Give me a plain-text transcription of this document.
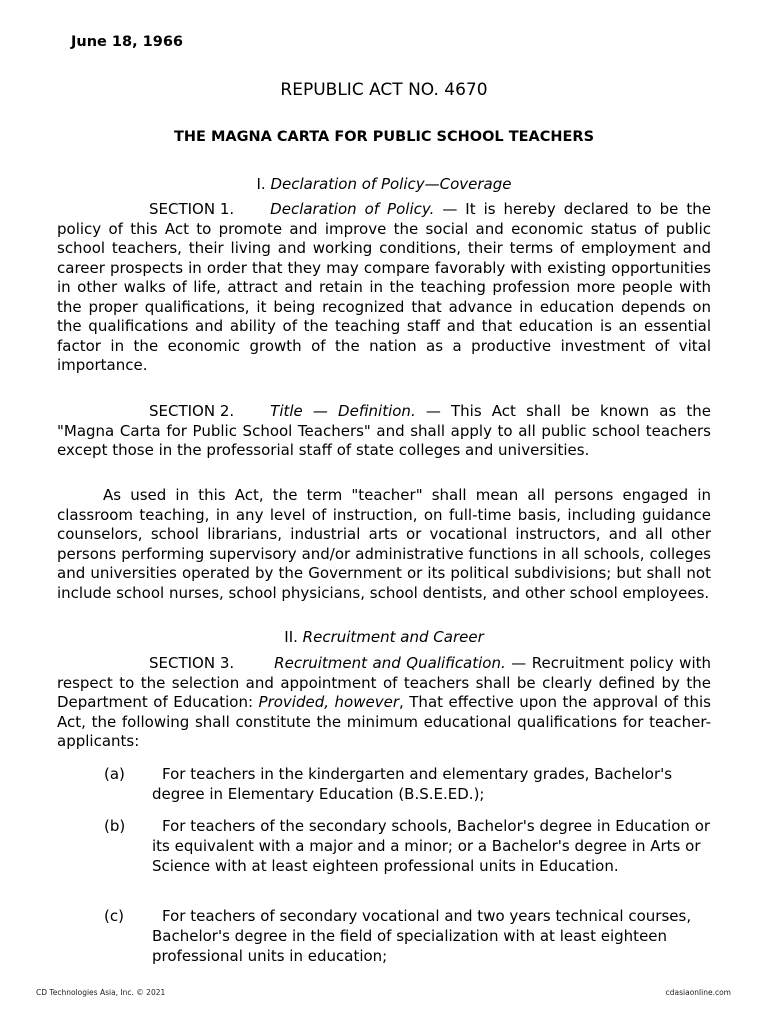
June 18, 1966
REPUBLIC ACT NO. 4670
THE MAGNA CARTA FOR PUBLIC SCHOOL TEACHERS
I. Declaration of Policy—Coverage
SECTION 1. Declaration of Policy. — It is hereby declared to be the policy of this Act to promote and improve the social and economic status of public school teachers, their living and working conditions, their terms of employment and career prospects in order that they may compare favorably with existing opportunities in other walks of life, attract and retain in the teaching profession more people with the proper qualifications, it being recognized that advance in education depends on the qualifications and ability of the teaching staff and that education is an essential factor in the economic growth of the nation as a productive investment of vital importance.
SECTION 2. Title — Definition. — This Act shall be known as the "Magna Carta for Public School Teachers" and shall apply to all public school teachers except those in the professorial staff of state colleges and universities.
As used in this Act, the term "teacher" shall mean all persons engaged in classroom teaching, in any level of instruction, on full-time basis, including guidance counselors, school librarians, industrial arts or vocational instructors, and all other persons performing supervisory and/or administrative functions in all schools, colleges and universities operated by the Government or its political subdivisions; but shall not include school nurses, school physicians, school dentists, and other school employees.
II. Recruitment and Career
SECTION 3.	Recruitment and Qualification. — Recruitment policy with respect to the selection and appointment of teachers shall be clearly defined by the Department of Education: Provided, however, That effective upon the approval of this Act, the following shall constitute the minimum educational qualifications for teacher-applicants:
(a)	For teachers in the kindergarten and elementary grades, Bachelor's degree in Elementary Education (B.S.E.ED.);
(b)	For teachers of the secondary schools, Bachelor's degree in Education or its equivalent with a major and a minor; or a Bachelor's degree in Arts or Science with at least eighteen professional units in Education.
(c)	For teachers of secondary vocational and two years technical courses, Bachelor's degree in the field of specialization with at least eighteen professional units in education;
CD Technologies Asia, Inc. © 2021	cdasiaonline.com
